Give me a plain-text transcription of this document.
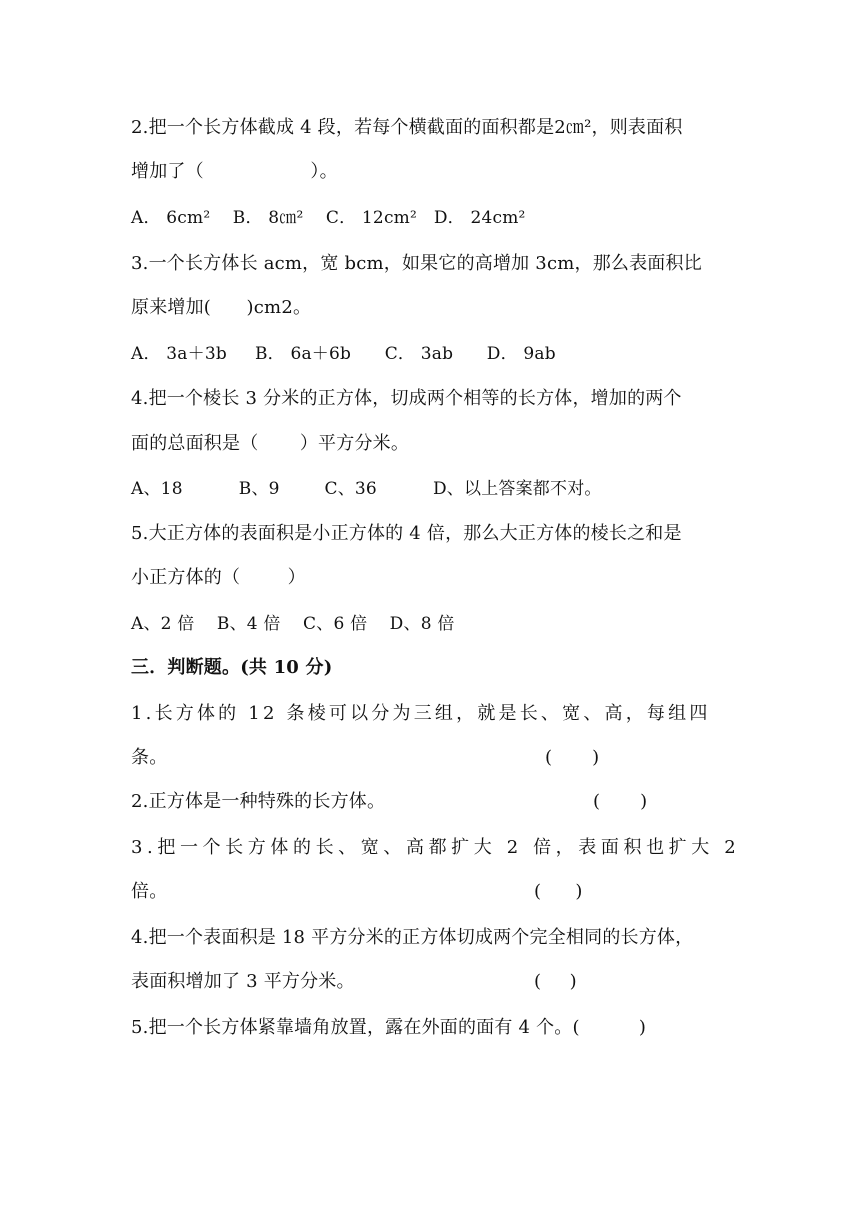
2.把一个长方体截成 4 段，若每个横截面的面积都是2㎝²，则表面积
增加了（                  ）。
A． 6cm²    B． 8㎝²    C． 12cm²   D． 24cm²
3.一个长方体长 acm，宽 bcm，如果它的高增加 3cm，那么表面积比
原来增加(      )cm2。
A． 3a＋3b     B． 6a＋6b      C． 3ab      D． 9ab
4.把一个棱长 3 分米的正方体，切成两个相等的长方体，增加的两个
面的总面积是（       ）平方分米。
A、18          B、9        C、36          D、以上答案都不对。
5.大正方体的表面积是小正方体的 4 倍，那么大正方体的棱长之和是
小正方体的（        ）
A、2 倍    B、4 倍    C、6 倍    D、8 倍
三．判断题。(共 10 分)
1.长方体的 12 条棱可以分为三组，就是长、宽、高，每组四
条。	(       )
2.正方体是一种特殊的长方体。	(       )
3.把一个长方体的长、宽、高都扩大 2 倍，表面积也扩大 2
倍。	(      )
4.把一个表面积是 18 平方分米的正方体切成两个完全相同的长方体，
表面积增加了 3 平方分米。	(     )
5.把一个长方体紧靠墙角放置，露在外面的面有 4 个。(          )
